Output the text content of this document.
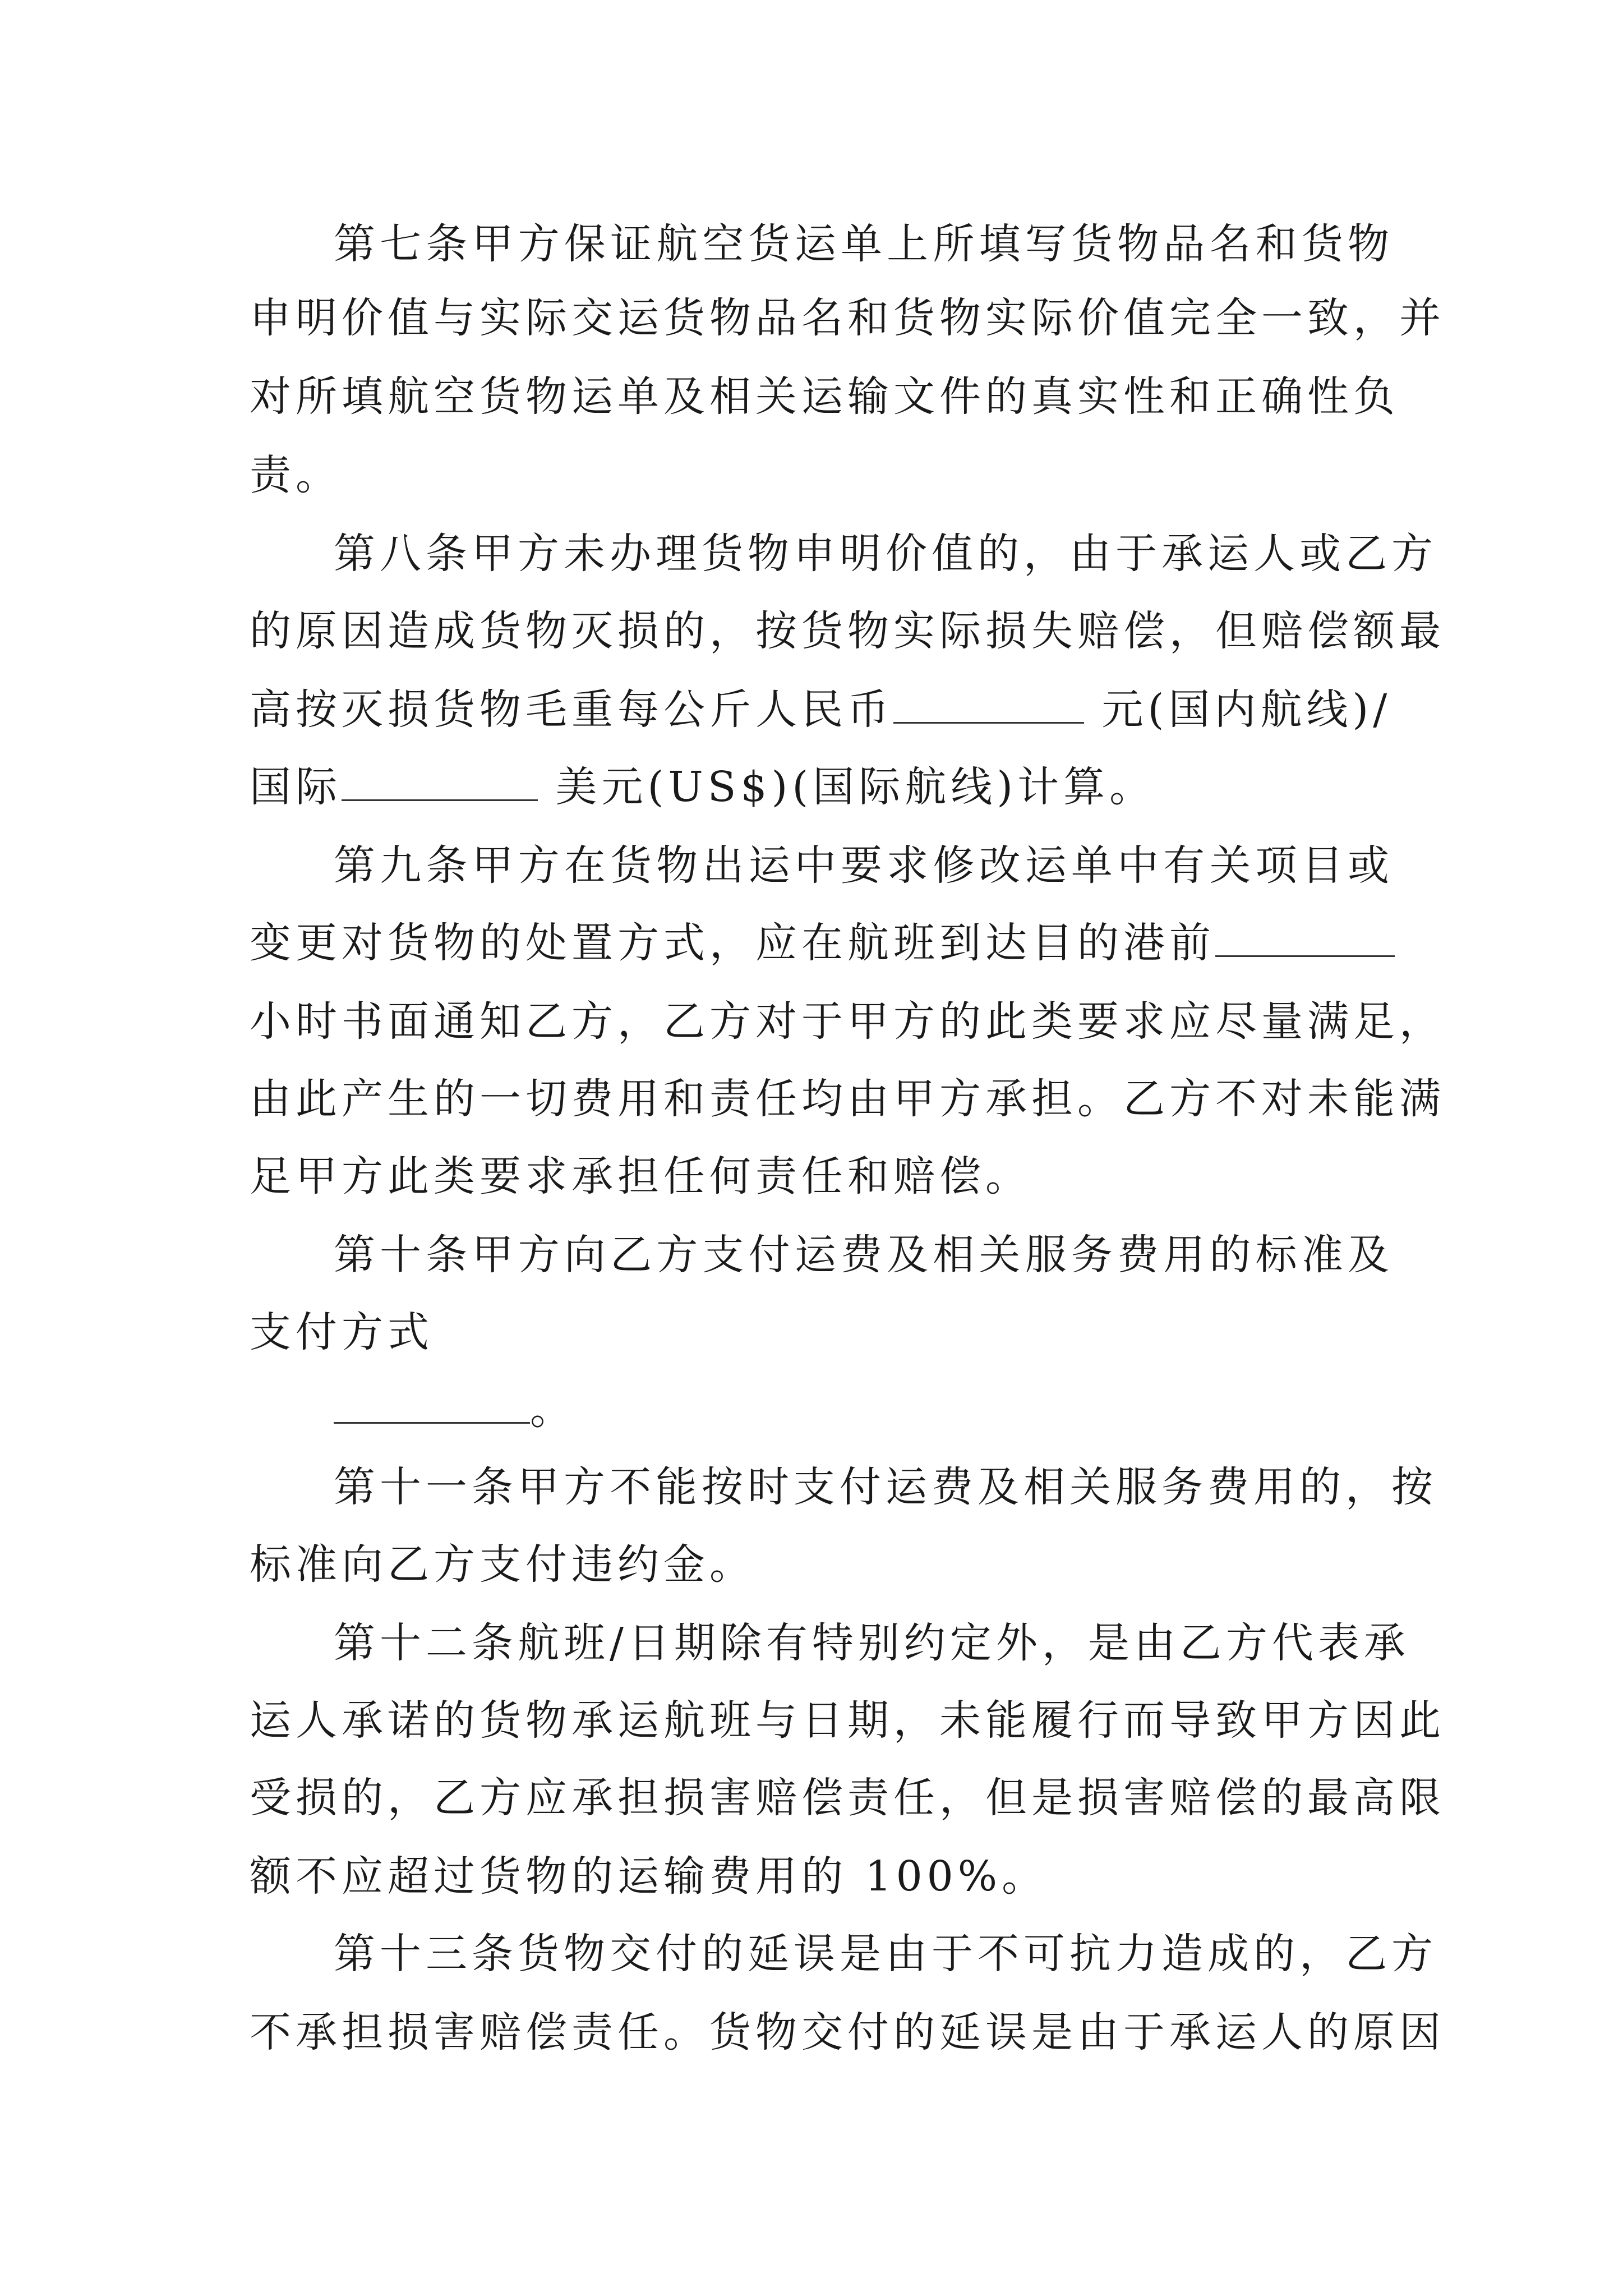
第七条甲方保证航空货运单上所填写货物品名和货物
申明价值与实际交运货物品名和货物实际价值完全一致，并
对所填航空货物运单及相关运输文件的真实性和正确性负
责。
第八条甲方未办理货物申明价值的，由于承运人或乙方
的原因造成货物灭损的，按货物实际损失赔偿，但赔偿额最
高按灭损货物毛重每公斤人民币	元(国内航线)/
国际	美元(US$)(国际航线)计算。
第九条甲方在货物出运中要求修改运单中有关项目或
变更对货物的处置方式，应在航班到达目的港前
小时书面通知乙方，乙方对于甲方的此类要求应尽量满足，
由此产生的一切费用和责任均由甲方承担。乙方不对未能满
足甲方此类要求承担任何责任和赔偿。
第十条甲方向乙方支付运费及相关服务费用的标准及
支付方式
。
第十一条甲方不能按时支付运费及相关服务费用的，按
标准向乙方支付违约金。
第十二条航班/日期除有特别约定外，是由乙方代表承
运人承诺的货物承运航班与日期，未能履行而导致甲方因此
受损的，乙方应承担损害赔偿责任，但是损害赔偿的最高限
额不应超过货物的运输费用的 100%。
第十三条货物交付的延误是由于不可抗力造成的，乙方
不承担损害赔偿责任。货物交付的延误是由于承运人的原因
